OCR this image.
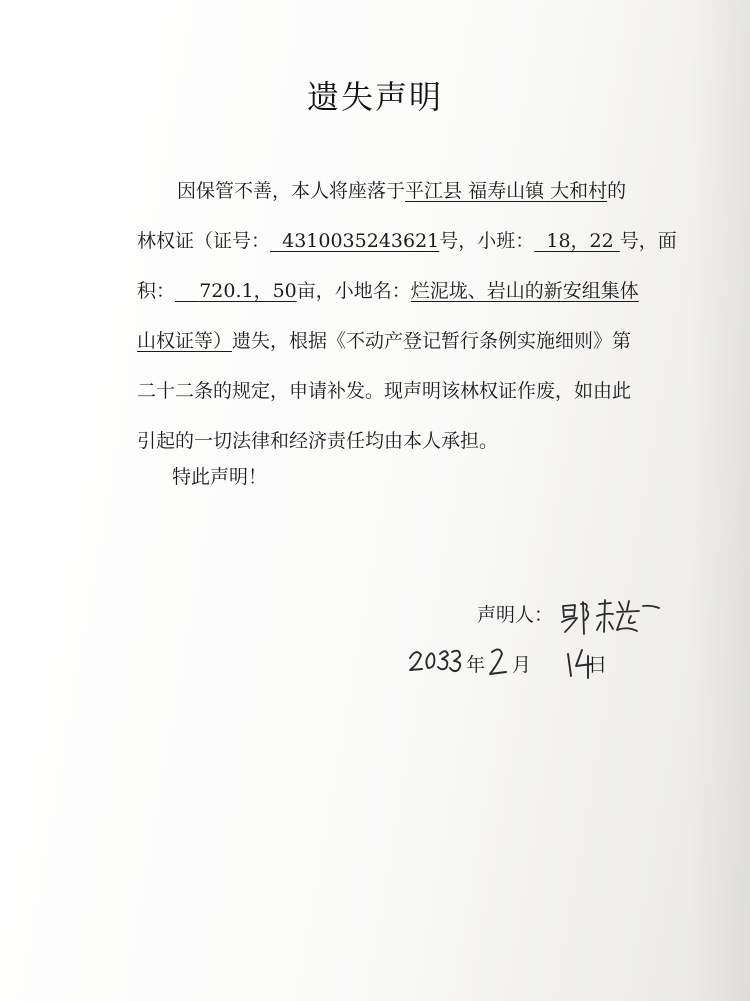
遗失声明
因保管不善，本人将座落于平江县 福寿山镇 大和村的
林权证（证号： 4310035243621号，小班： 18，22 号，面
积： 720.1，50亩，小地名：烂泥垅、岩山的新安组集体
山权证等）遗失，根据《不动产登记暂行条例实施细则》第
二十二条的规定，申请补发。现声明该林权证作废，如由此
引起的一切法律和经济责任均由本人承担。
特此声明！
声明人：
年 月	日
